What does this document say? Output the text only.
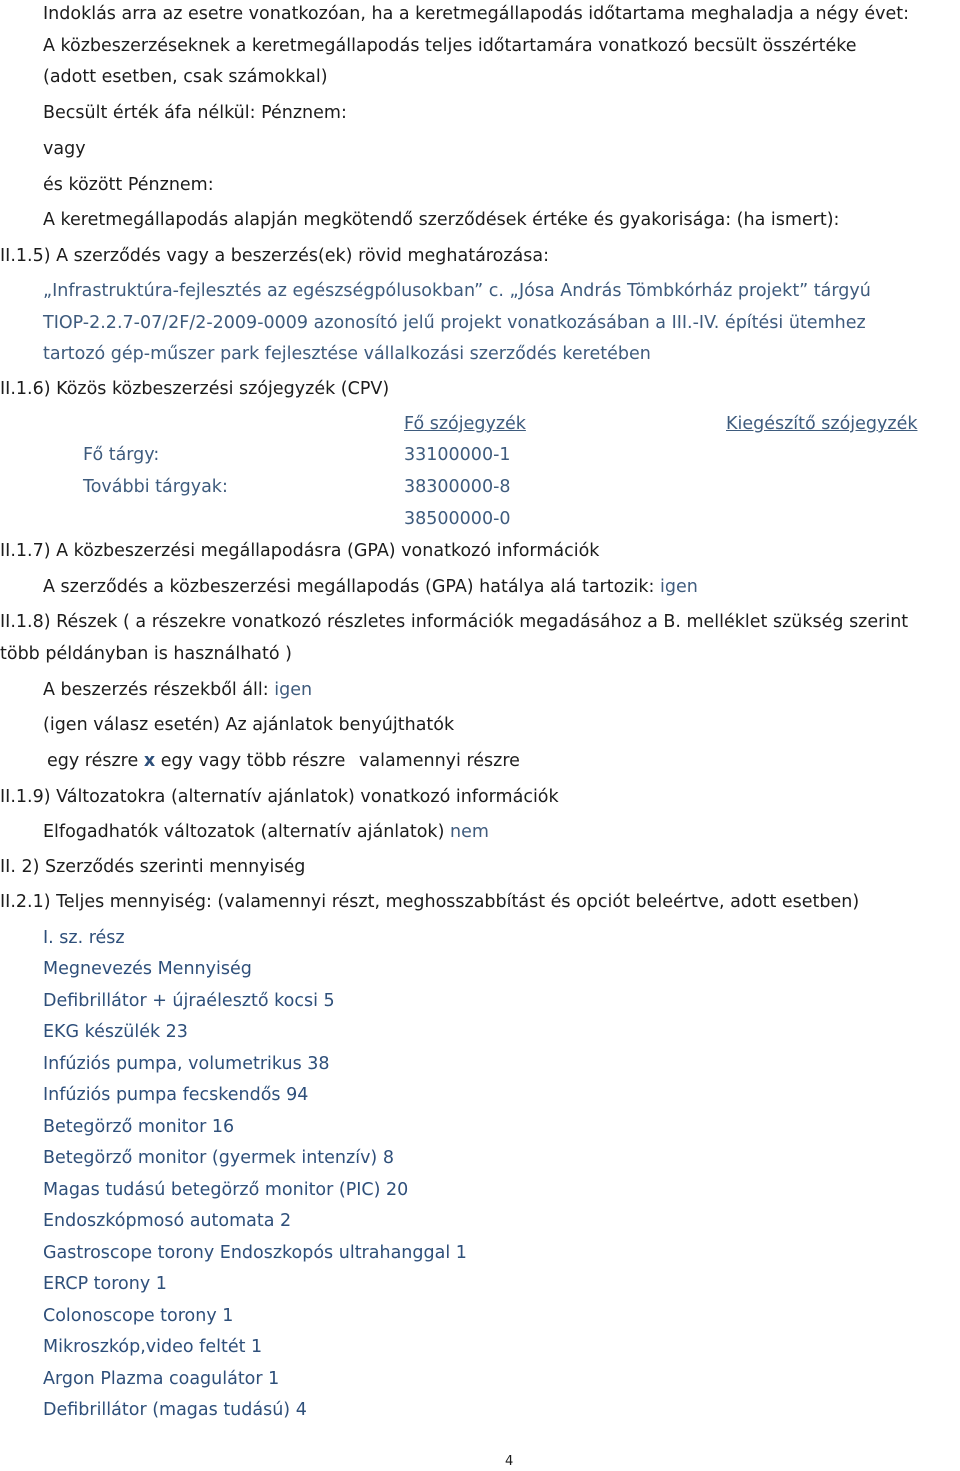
Indoklás arra az esetre vonatkozóan, ha a keretmegállapodás időtartama meghaladja a négy évet:
A közbeszerzéseknek a keretmegállapodás teljes időtartamára vonatkozó becsült összértéke
(adott esetben, csak számokkal)
Becsült érték áfa nélkül: Pénznem:
vagy
és között Pénznem:
A keretmegállapodás alapján megkötendő szerződések értéke és gyakorisága: (ha ismert):
II.1.5) A szerződés vagy a beszerzés(ek) rövid meghatározása:
„Infrastruktúra-fejlesztés az egészségpólusokban” c. „Jósa András Tömbkórház projekt” tárgyú
TIOP-2.2.7-07/2F/2-2009-0009 azonosító jelű projekt vonatkozásában a III.-IV. építési ütemhez
tartozó gép-műszer park fejlesztése vállalkozási szerződés keretében
II.1.6) Közös közbeszerzési szójegyzék (CPV)
Fő szójegyzék	Kiegészítő szójegyzék
Fő tárgy:	33100000-1
További tárgyak:	38300000-8
38500000-0
II.1.7) A közbeszerzési megállapodásra (GPA) vonatkozó információk
A szerződés a közbeszerzési megállapodás (GPA) hatálya alá tartozik: igen
II.1.8) Részek ( a részekre vonatkozó részletes információk megadásához a B. melléklet szükség szerint
több példányban is használható )
A beszerzés részekből áll: igen
(igen válasz esetén) Az ajánlatok benyújthatók
egy részre x egy vagy több részre valamennyi részre
II.1.9) Változatokra (alternatív ajánlatok) vonatkozó információk
Elfogadhatók változatok (alternatív ajánlatok) nem
II. 2) Szerződés szerinti mennyiség
II.2.1) Teljes mennyiség: (valamennyi részt, meghosszabbítást és opciót beleértve, adott esetben)
I. sz. rész
Megnevezés Mennyiség
Defibrillátor + újraélesztő kocsi 5
EKG készülék 23
Infúziós pumpa, volumetrikus 38
Infúziós pumpa fecskendős 94
Betegörző monitor 16
Betegörző monitor (gyermek intenzív) 8
Magas tudású betegörző monitor (PIC) 20
Endoszkópmosó automata 2
Gastroscope torony Endoszkopós ultrahanggal 1
ERCP torony 1
Colonoscope torony 1
Mikroszkóp,video feltét 1
Argon Plazma coagulátor 1
Defibrillátor (magas tudású) 4
4
